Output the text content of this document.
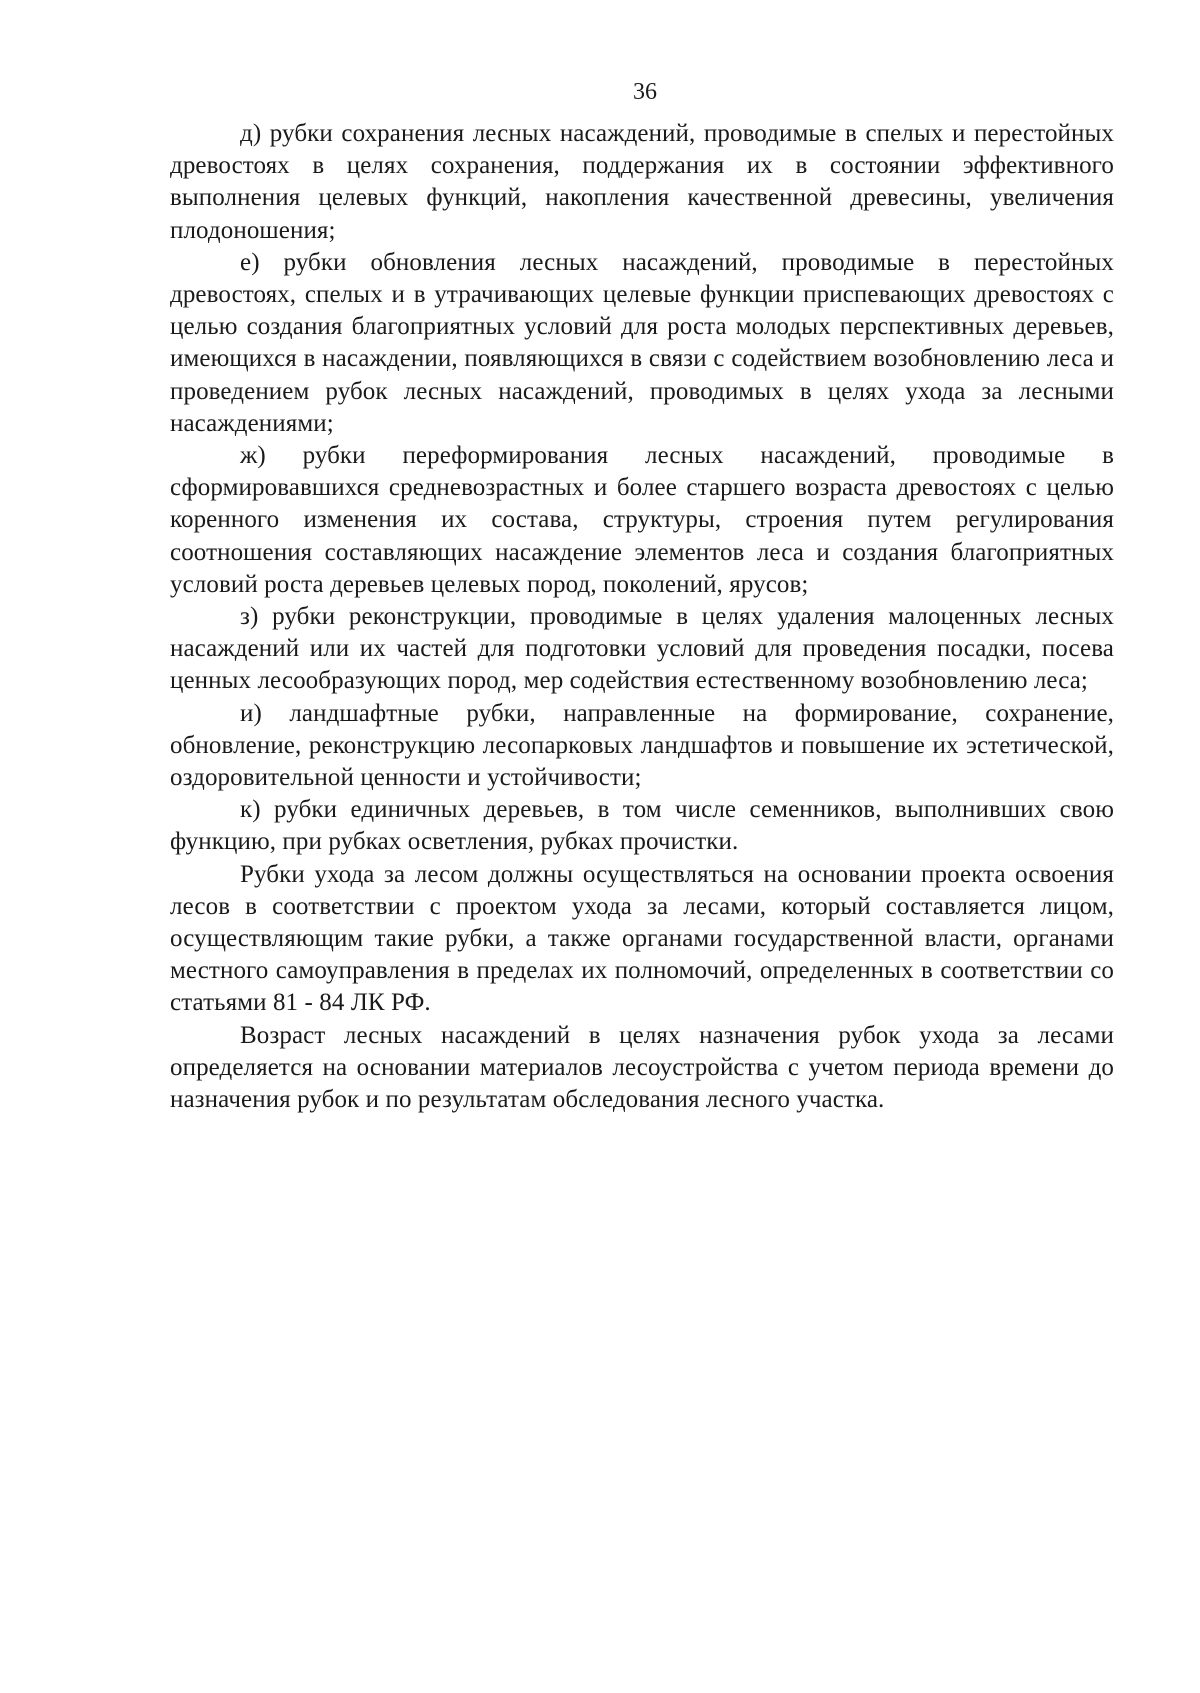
36

д) рубки сохранения лесных насаждений, проводимые в спелых и перестойных древостоях в целях сохранения, поддержания их в состоянии эффективного выполнения целевых функций, накопления качественной древесины, увеличения плодоношения;

е) рубки обновления лесных насаждений, проводимые в перестойных древостоях, спелых и в утрачивающих целевые функции приспевающих древостоях с целью создания благоприятных условий для роста молодых перспективных деревьев, имеющихся в насаждении, появляющихся в связи с содействием возобновлению леса и проведением рубок лесных насаждений, проводимых в целях ухода за лесными насаждениями;

ж) рубки переформирования лесных насаждений, проводимые в сформировавшихся средневозрастных и более старшего возраста древостоях с целью коренного изменения их состава, структуры, строения путем регулирования соотношения составляющих насаждение элементов леса и создания благоприятных условий роста деревьев целевых пород, поколений, ярусов;

з) рубки реконструкции, проводимые в целях удаления малоценных лесных насаждений или их частей для подготовки условий для проведения посадки, посева ценных лесообразующих пород, мер содействия естественному возобновлению леса;

и) ландшафтные рубки, направленные на формирование, сохранение, обновление, реконструкцию лесопарковых ландшафтов и повышение их эстетической, оздоровительной ценности и устойчивости;

к) рубки единичных деревьев, в том числе семенников, выполнивших свою функцию, при рубках осветления, рубках прочистки.

Рубки ухода за лесом должны осуществляться на основании проекта освоения лесов в соответствии с проектом ухода за лесами, который составляется лицом, осуществляющим такие рубки, а также органами государственной власти, органами местного самоуправления в пределах их полномочий, определенных в соответствии со статьями 81 - 84 ЛК РФ.

Возраст лесных насаждений в целях назначения рубок ухода за лесами определяется на основании материалов лесоустройства с учетом периода времени до назначения рубок и по результатам обследования лесного участка.
